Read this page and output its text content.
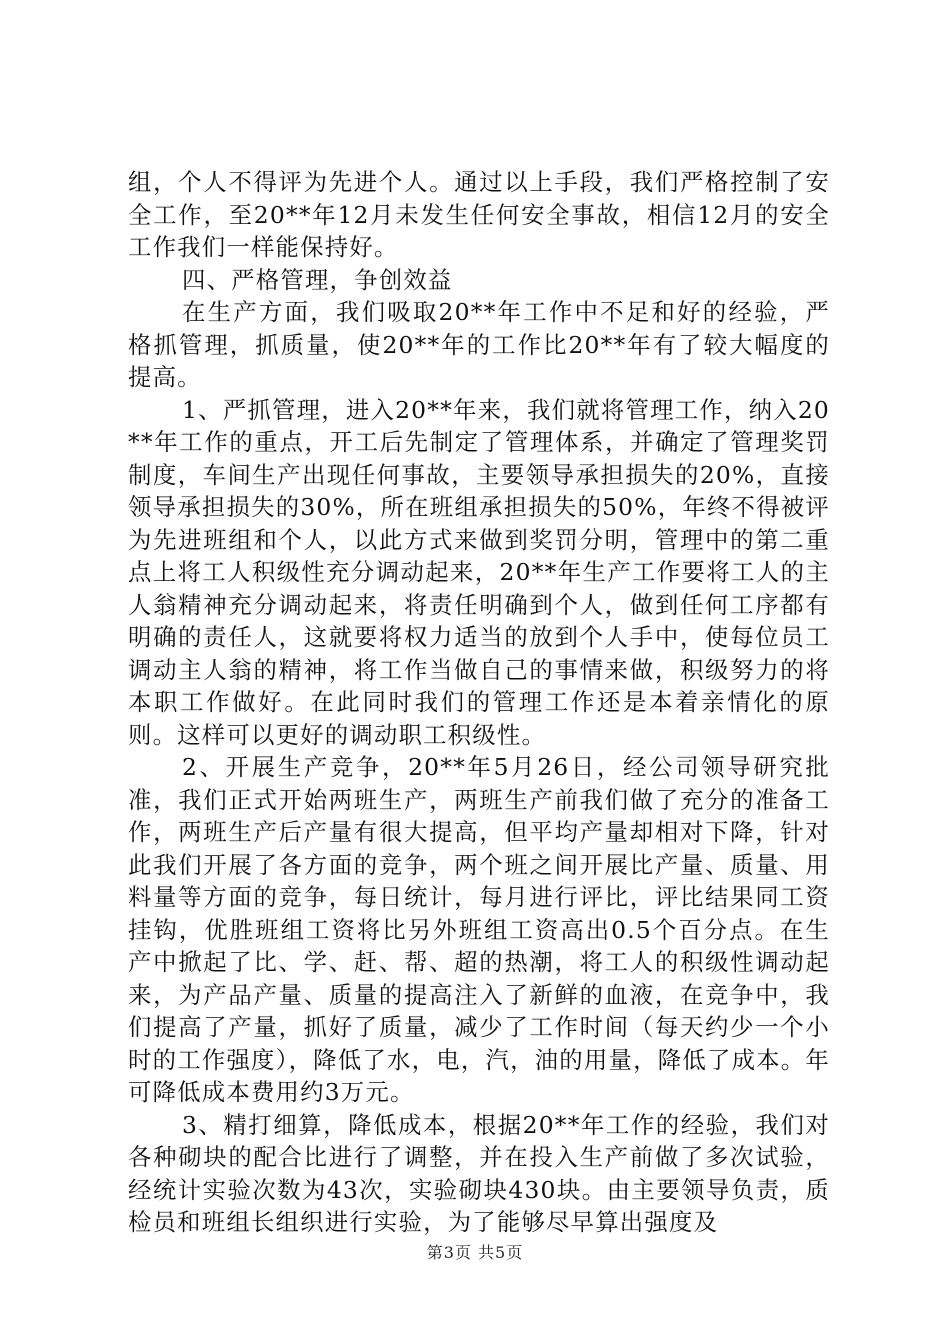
组，个人不得评为先进个人。通过以上手段，我们严格控制了安全工作，至20**年12月未发生任何安全事故，相信12月的安全工作我们一样能保持好。

四、严格管理，争创效益

在生产方面，我们吸取20**年工作中不足和好的经验，严格抓管理，抓质量，使20**年的工作比20**年有了较大幅度的提高。

1、严抓管理，进入20**年来，我们就将管理工作，纳入20**年工作的重点，开工后先制定了管理体系，并确定了管理奖罚制度，车间生产出现任何事故，主要领导承担损失的20%，直接领导承担损失的30%，所在班组承担损失的50%，年终不得被评为先进班组和个人，以此方式来做到奖罚分明，管理中的第二重点上将工人积级性充分调动起来，20**年生产工作要将工人的主人翁精神充分调动起来，将责任明确到个人，做到任何工序都有明确的责任人，这就要将权力适当的放到个人手中，使每位员工调动主人翁的精神，将工作当做自己的事情来做，积级努力的将本职工作做好。在此同时我们的管理工作还是本着亲情化的原则。这样可以更好的调动职工积级性。

2、开展生产竞争，20**年5月26日，经公司领导研究批准，我们正式开始两班生产，两班生产前我们做了充分的准备工作，两班生产后产量有很大提高，但平均产量却相对下降，针对此我们开展了各方面的竞争，两个班之间开展比产量、质量、用料量等方面的竞争，每日统计，每月进行评比，评比结果同工资挂钩，优胜班组工资将比另外班组工资高出0.5个百分点。在生产中掀起了比、学、赶、帮、超的热潮，将工人的积级性调动起来，为产品产量、质量的提高注入了新鲜的血液，在竞争中，我们提高了产量，抓好了质量，减少了工作时间（每天约少一个小时的工作强度），降低了水，电，汽，油的用量，降低了成本。年可降低成本费用约3万元。

3、精打细算，降低成本，根据20**年工作的经验，我们对各种砌块的配合比进行了调整，并在投入生产前做了多次试验，经统计实验次数为43次，实验砌块430块。由主要领导负责，质检员和班组长组织进行实验，为了能够尽早算出强度及

第3页 共5页
